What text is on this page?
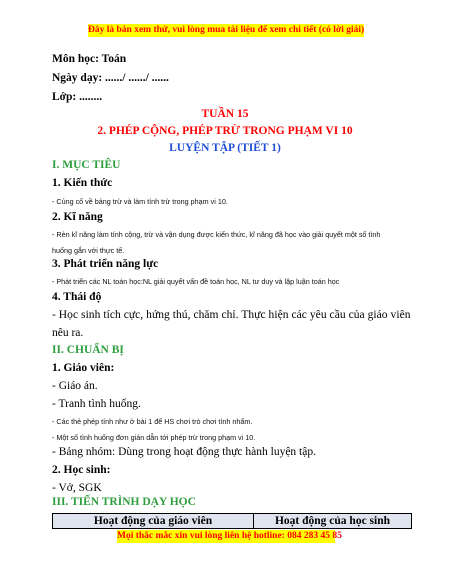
Đây là bản xem thử, vui lòng mua tài liệu để xem chi tiết (có lời giải)
Môn học: Toán
Ngày dạy: ....../ ....../ ......
Lớp: ........
TUẦN 15
2. PHÉP CỘNG, PHÉP TRỪ TRONG PHẠM VI 10
LUYỆN TẬP (TIẾT 1)
I. MỤC TIÊU
1. Kiến thức
- Củng cố về bảng trừ và làm tính trừ trong phạm vi 10.
2. Kĩ năng
- Rèn kĩ năng làm tính cộng, trừ và vận dụng được kiến thức, kĩ năng đã học vào giải quyết một số tình
huống gắn với thực tế.
3. Phát triển năng lực
- Phát triển các NL toán học:NL giải quyết vấn đề toán học, NL tư duy và lập luận toán học
4. Thái độ
- Học sinh tích cực, hứng thú, chăm chỉ. Thực hiện các yêu cầu của giáo viên
nêu ra.
II. CHUẨN BỊ
1. Giáo viên:
- Giáo án.
- Tranh tình huống.
- Các thẻ phép tính như ở bài 1 để HS chơi trò chơi tính nhẩm.
- Một số tình huống đơn giản dẫn tới phép trừ trong phạm vi 10.
- Bảng nhóm: Dùng trong hoạt động thực hành luyện tập.
2. Học sinh:
- Vở, SGK
III. TIẾN TRÌNH DẠY HỌC
Hoạt động của giáo viên	Hoạt động của học sinh
Mọi thắc mắc xin vui lòng liên hệ hotline: 084 283 45 85
